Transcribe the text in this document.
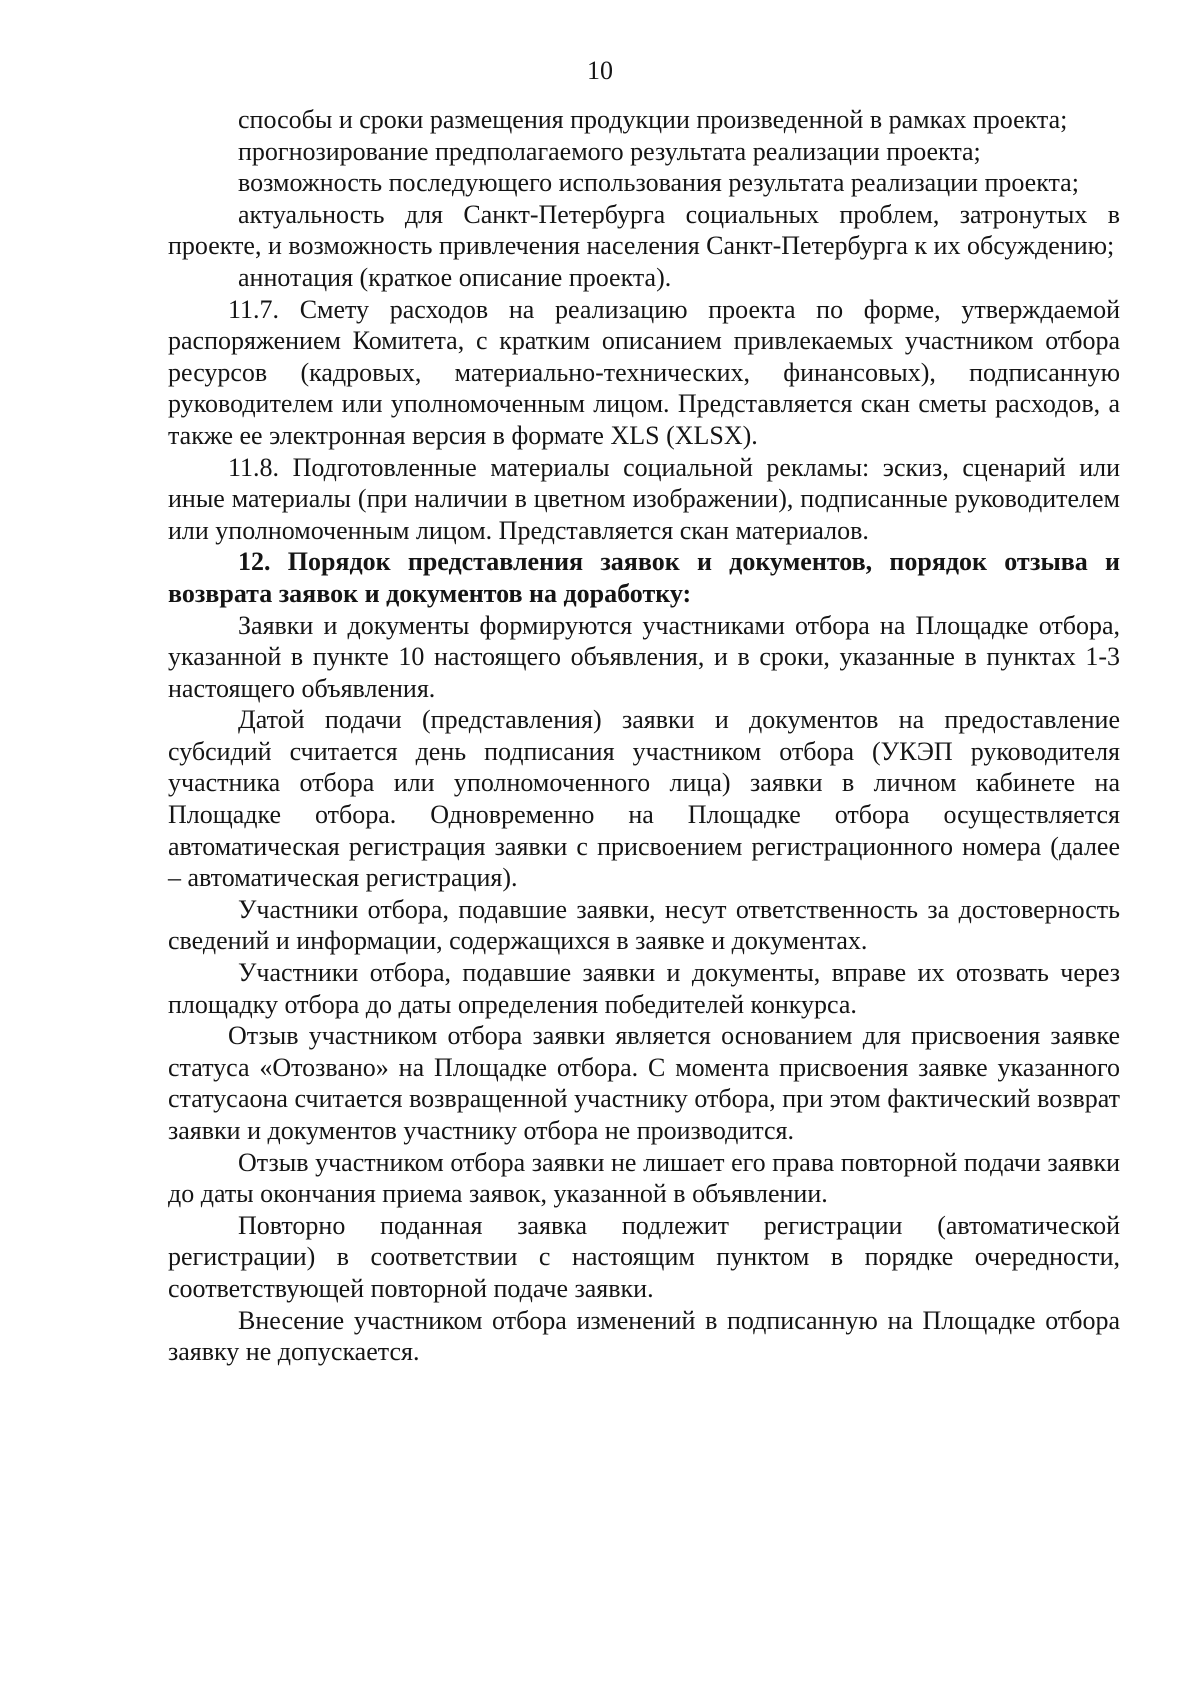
10

способы и сроки размещения продукции произведенной в рамках проекта;

прогнозирование предполагаемого результата реализации проекта;

возможность последующего использования результата реализации проекта;

актуальность для Санкт-Петербурга социальных проблем, затронутых в проекте, и возможность привлечения населения Санкт-Петербурга к их обсуждению;

аннотация (краткое описание проекта).

11.7. Смету расходов на реализацию проекта по форме, утверждаемой распоряжением Комитета, с кратким описанием привлекаемых участником отбора ресурсов (кадровых, материально-технических, финансовых), подписанную руководителем или уполномоченным лицом. Представляется скан сметы расходов, а также ее электронная версия в формате XLS (XLSX).

11.8. Подготовленные материалы социальной рекламы: эскиз, сценарий или иные материалы (при наличии в цветном изображении), подписанные руководителем или уполномоченным лицом. Представляется скан материалов.

12. Порядок представления заявок и документов, порядок отзыва и возврата заявок и документов на доработку:

Заявки и документы формируются участниками отбора на Площадке отбора, указанной в пункте 10 настоящего объявления, и в сроки, указанные в пунктах 1-3 настоящего объявления.

Датой подачи (представления) заявки и документов на предоставление субсидий считается день подписания участником отбора (УКЭП руководителя участника отбора или уполномоченного лица) заявки в личном кабинете на Площадке отбора. Одновременно на Площадке отбора осуществляется автоматическая регистрация заявки с присвоением регистрационного номера (далее – автоматическая регистрация).

Участники отбора, подавшие заявки, несут ответственность за достоверность сведений и информации, содержащихся в заявке и документах.

Участники отбора, подавшие заявки и документы, вправе их отозвать через площадку отбора до даты определения победителей конкурса.

Отзыв участником отбора заявки является основанием для присвоения заявке статуса «Отозвано» на Площадке отбора. С момента присвоения заявке указанного статусаона считается возвращенной участнику отбора, при этом фактический возврат заявки и документов участнику отбора не производится.

Отзыв участником отбора заявки не лишает его права повторной подачи заявки до даты окончания приема заявок, указанной в объявлении.

Повторно поданная заявка подлежит регистрации (автоматической регистрации) в соответствии с настоящим пунктом в порядке очередности, соответствующей повторной подаче заявки.

Внесение участником отбора изменений в подписанную на Площадке отбора заявку не допускается.
